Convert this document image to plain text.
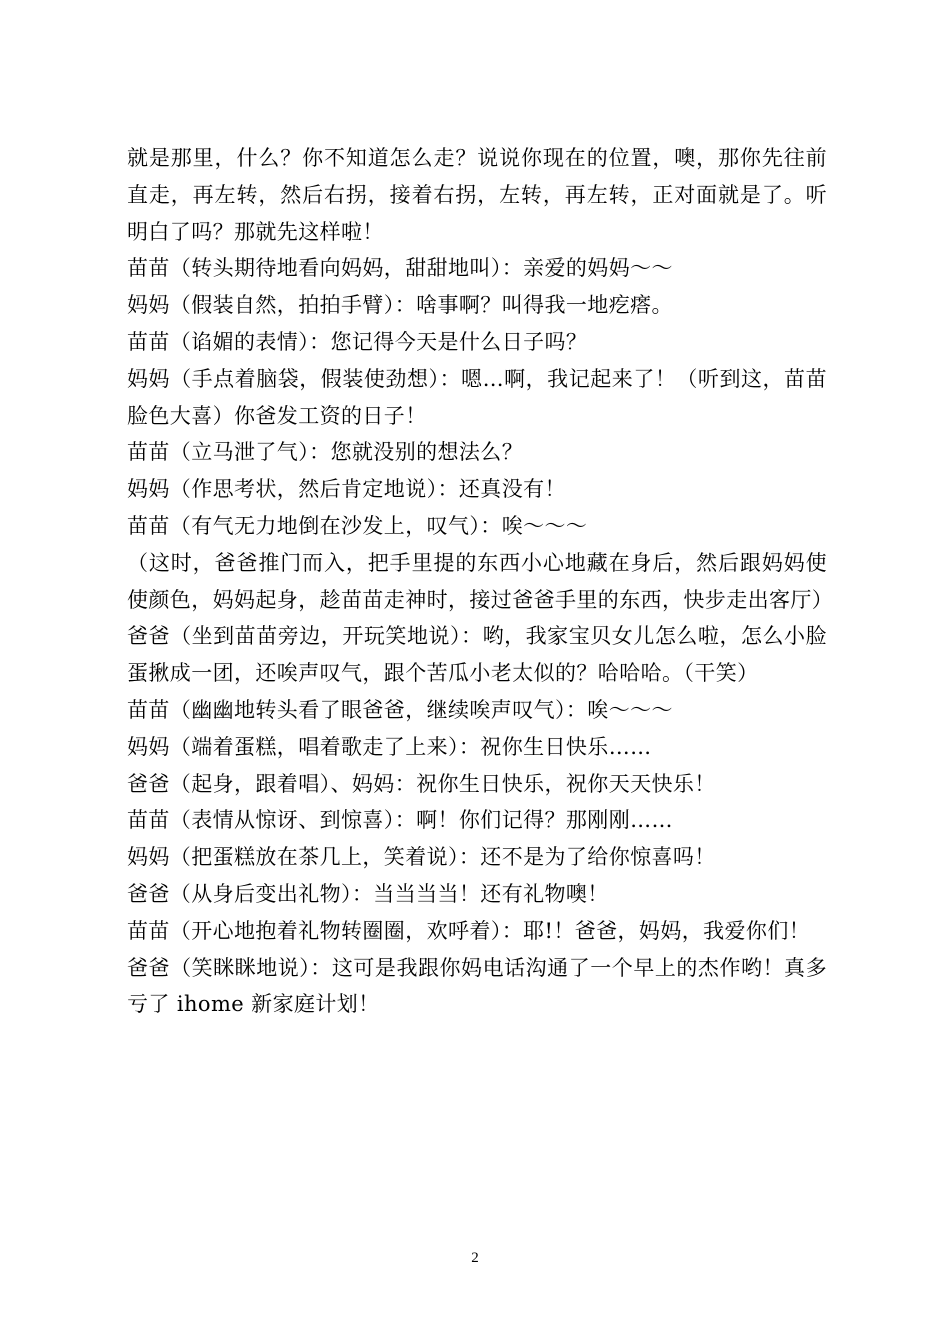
就是那里，什么？你不知道怎么走？说说你现在的位置，噢，那你先往前直走，再左转，然后右拐，接着右拐，左转，再左转，正对面就是了。听明白了吗？那就先这样啦！

苗苗（转头期待地看向妈妈，甜甜地叫）：亲爱的妈妈～～

妈妈（假装自然，拍拍手臂）：啥事啊？叫得我一地疙瘩。

苗苗（谄媚的表情）：您记得今天是什么日子吗？

妈妈（手点着脑袋，假装使劲想）：嗯…啊，我记起来了！（听到这，苗苗脸色大喜）你爸发工资的日子！

苗苗（立马泄了气）：您就没别的想法么？

妈妈（作思考状，然后肯定地说）：还真没有！

苗苗（有气无力地倒在沙发上，叹气）：唉～～～

（这时，爸爸推门而入，把手里提的东西小心地藏在身后，然后跟妈妈使使颜色，妈妈起身，趁苗苗走神时，接过爸爸手里的东西，快步走出客厅）

爸爸（坐到苗苗旁边，开玩笑地说）：哟，我家宝贝女儿怎么啦，怎么小脸蛋揪成一团，还唉声叹气，跟个苦瓜小老太似的？哈哈哈。（干笑）

苗苗（幽幽地转头看了眼爸爸，继续唉声叹气）：唉～～～

妈妈（端着蛋糕，唱着歌走了上来）：祝你生日快乐……

爸爸（起身，跟着唱）、妈妈：祝你生日快乐，祝你天天快乐！

苗苗（表情从惊讶、到惊喜）：啊！你们记得？那刚刚……

妈妈（把蛋糕放在茶几上，笑着说）：还不是为了给你惊喜吗！

爸爸（从身后变出礼物）：当当当当！还有礼物噢！

苗苗（开心地抱着礼物转圈圈，欢呼着）：耶!！爸爸，妈妈，我爱你们！

爸爸（笑眯眯地说）：这可是我跟你妈电话沟通了一个早上的杰作哟！真多亏了 ihome 新家庭计划！

2
